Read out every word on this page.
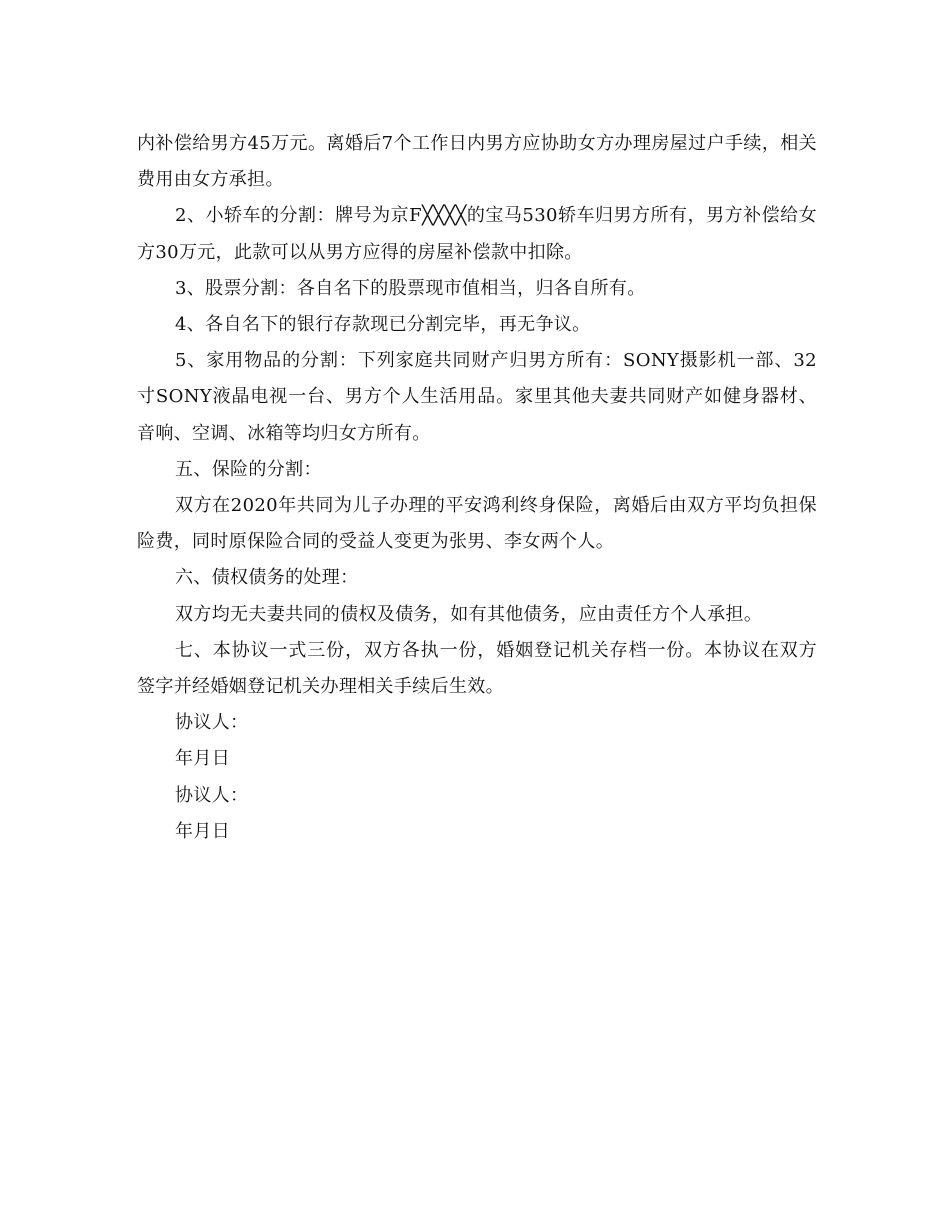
内补偿给男方45万元。离婚后7个工作日内男方应协助女方办理房屋过户手续，相关费用由女方承担。

2、小轿车的分割：牌号为京F╳╳╳╳的宝马530轿车归男方所有，男方补偿给女方30万元，此款可以从男方应得的房屋补偿款中扣除。

3、股票分割：各自名下的股票现市值相当，归各自所有。

4、各自名下的银行存款现已分割完毕，再无争议。

5、家用物品的分割：下列家庭共同财产归男方所有：SONY摄影机一部、32寸SONY液晶电视一台、男方个人生活用品。家里其他夫妻共同财产如健身器材、音响、空调、冰箱等均归女方所有。

五、保险的分割：

双方在2020年共同为儿子办理的平安鸿利终身保险，离婚后由双方平均负担保险费，同时原保险合同的受益人变更为张男、李女两个人。

六、债权债务的处理：

双方均无夫妻共同的债权及债务，如有其他债务，应由责任方个人承担。

七、本协议一式三份，双方各执一份，婚姻登记机关存档一份。本协议在双方签字并经婚姻登记机关办理相关手续后生效。

协议人：

年月日

协议人：

年月日
